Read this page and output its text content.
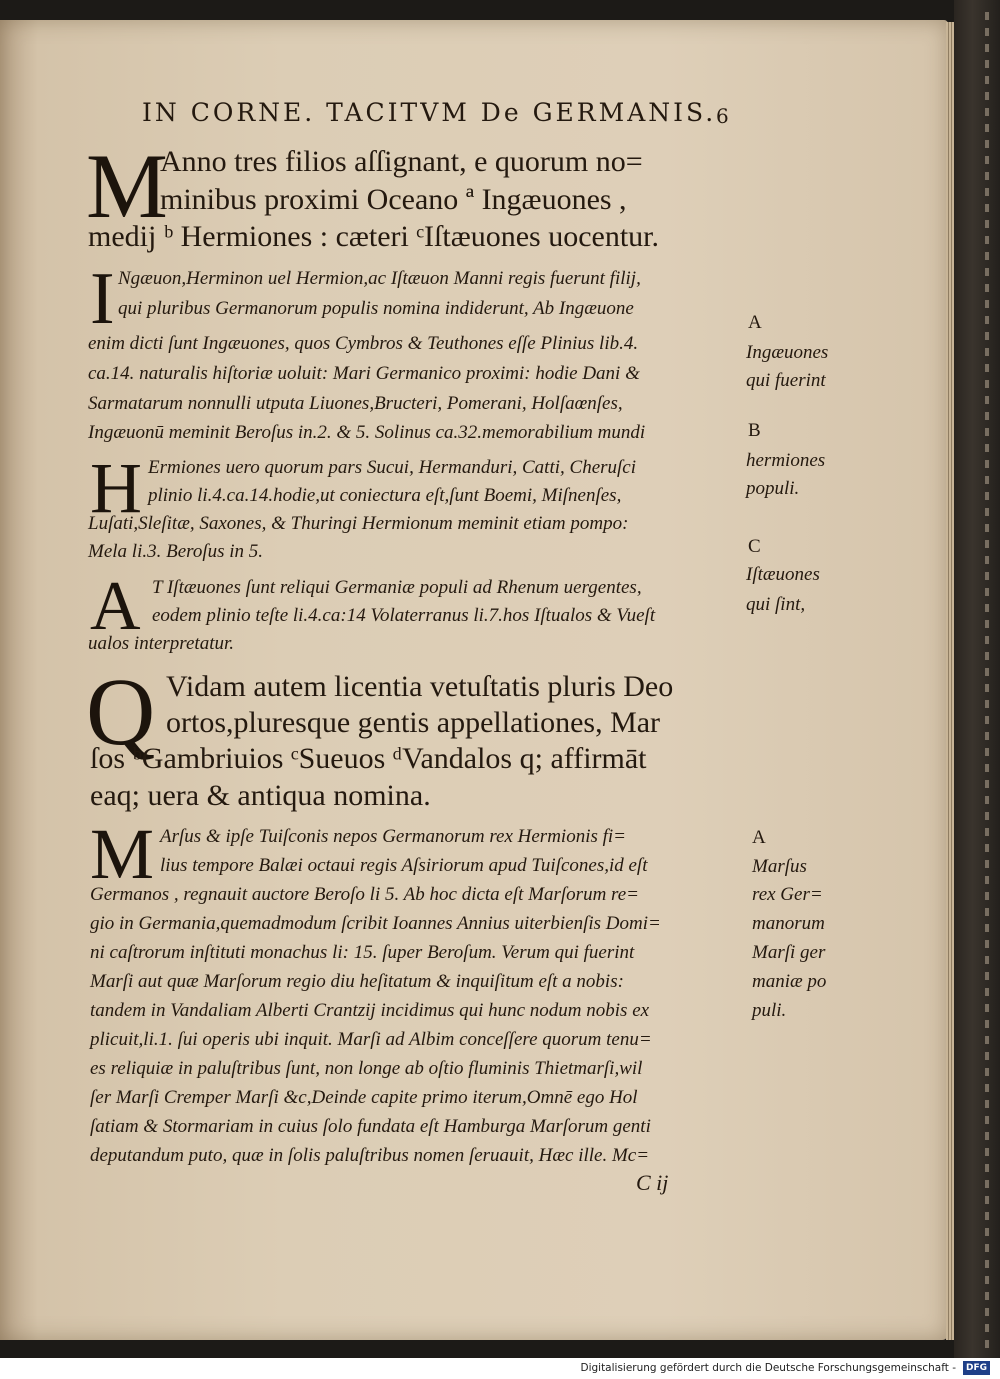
IN CORNE. TACITVM De GERMANIS. 6
M
Anno tres filios aſſignant, e quorum no=
minibus proximi Oceano ª Ingæuones ,
medij ᵇ Hermiones : cæteri ᶜIſtæuones uocentur.
I Ngæuon,Herminon uel Hermion,ac Iſtæuon Manni regis fuerunt filij,
qui pluribus Germanorum populis nomina indiderunt, Ab Ingæuone
enim dicti ſunt Ingæuones, quos Cymbros & Teuthones eſſe Plinius lib.4.
ca.14. naturalis hiſtoriæ uoluit: Mari Germanico proximi: hodie Dani &
Sarmatarum nonnulli utputa Liuones,Bructeri, Pomerani, Holſaœnſes,
Ingæuonū meminit Beroſus in.2. & 5. Solinus ca.32.memorabilium mundi
H Ermiones uero quorum pars Sucui, Hermanduri, Catti, Cheruſci
plinio li.4.ca.14.hodie,ut coniectura eſt,ſunt Boemi, Miſnenſes,
Luſati,Sleſitæ, Saxones, & Thuringi Hermionum meminit etiam pompo:
Mela li.3. Beroſus in 5.
A T Iſtæuones ſunt reliqui Germaniæ populi ad Rhenum uergentes,
eodem plinio teſte li.4.ca:14 Volaterranus li.7.hos Iſtualos & Vueſt
ualos interpretatur.
Q Vidam autem licentia vetuſtatis pluris Deo
ortos,pluresque gentis appellationes, Mar
ſos ᵇGambriuios ᶜSueuos ᵈVandalos q; affirmāt
eaq; uera & antiqua nomina.
M Arſus & ipſe Tuiſconis nepos Germanorum rex Hermionis fi=
lius tempore Balæi octaui regis Aſsiriorum apud Tuiſcones,id eſt
Germanos , regnauit auctore Beroſo li 5. Ab hoc dicta eſt Marſorum re=
gio in Germania,quemadmodum ſcribit Ioannes Annius uiterbienſis Domi=
ni caſtrorum inſtituti monachus li: 15. ſuper Beroſum. Verum qui fuerint
Marſi aut quæ Marſorum regio diu heſitatum & inquiſitum eſt a nobis:
tandem in Vandaliam Alberti Crantzij incidimus qui hunc nodum nobis ex
plicuit,li.1. ſui operis ubi inquit. Marſi ad Albim conceſſere quorum tenu=
es reliquiæ in paluſtribus ſunt, non longe ab oſtio fluminis Thietmarſi,wil
ſer Marſi Cremper Marſi &c,Deinde capite primo iterum,Omnē ego Hol
ſatiam & Stormariam in cuius ſolo fundata eſt Hamburga Marſorum genti
deputandum puto, quæ in ſolis paluſtribus nomen ſeruauit, Hæc ille. Mc=
C ij
A
Ingæuones
qui fuerint
B
hermiones
populi.
C
Iſtæuones
qui ſint,
A
Marſus
rex Ger=
manorum
Marſi ger
maniæ po
puli.
Digitalisierung gefördert durch die Deutsche Forschungsgemeinschaft -	DFG
